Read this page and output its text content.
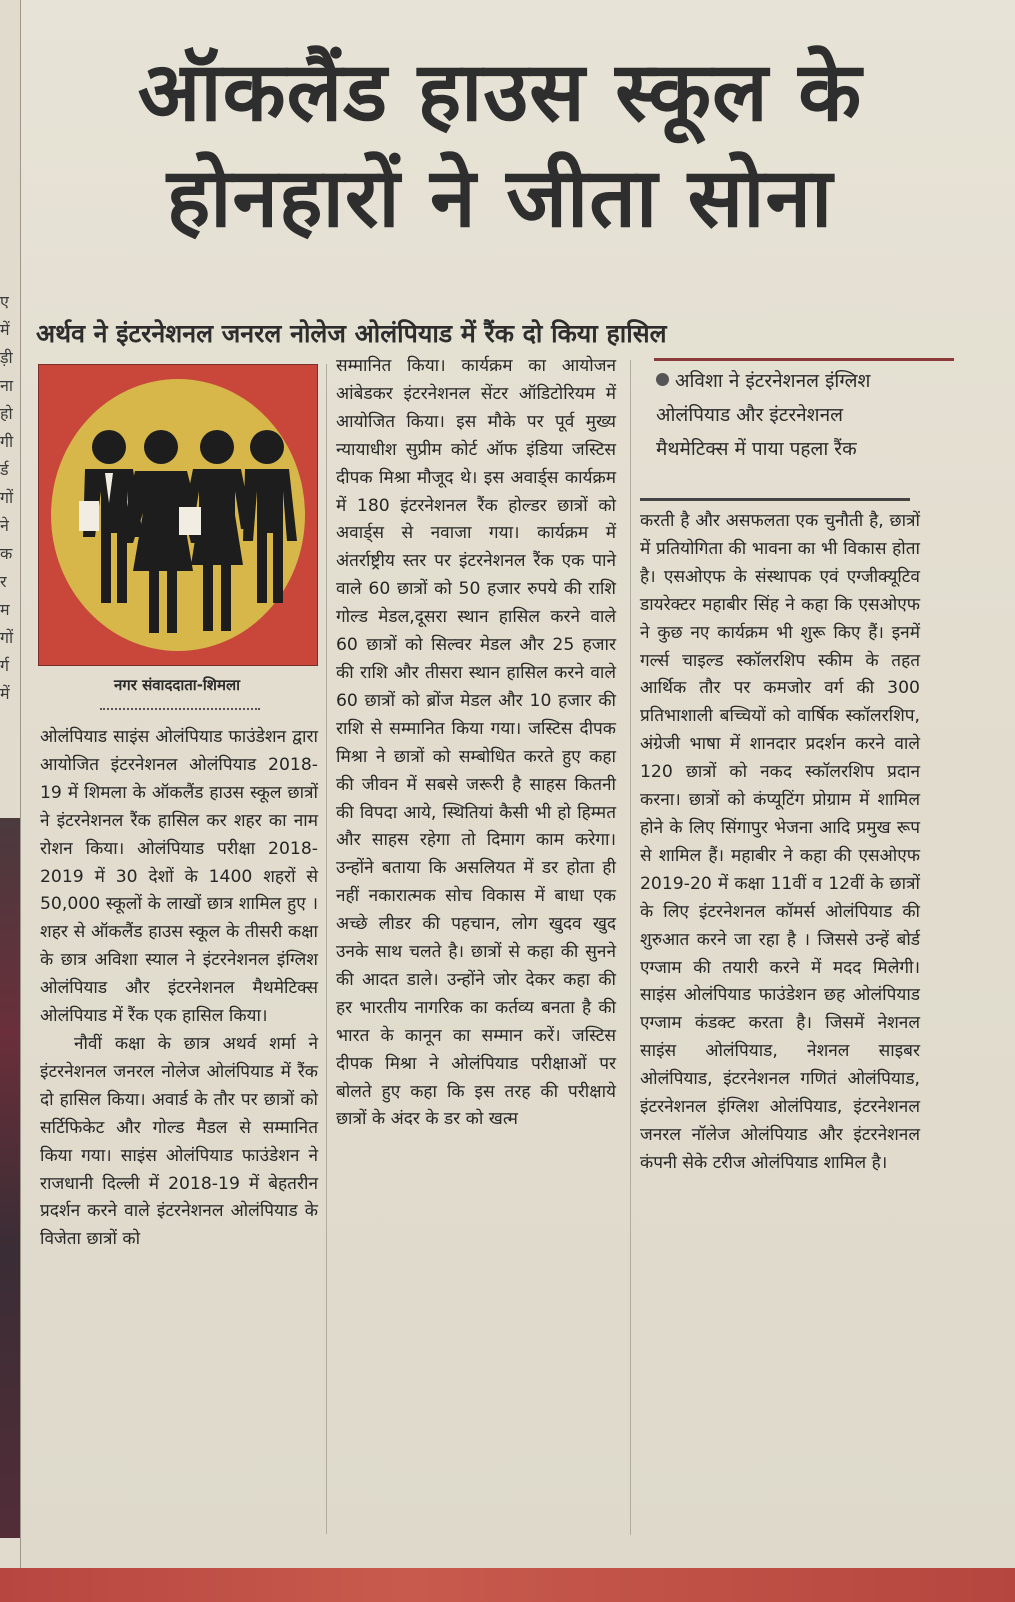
ए
में
ड़ी
ना
हो
गी
र्ड
गों
ने
क
र
म
गों
र्ग
में
ऑकलैंड हाउस स्कूल के
होनहारों ने जीता सोना
अर्थव ने इंटरनेशनल जनरल नोलेज ओलंपियाड में रैंक दो किया हासिल
नगर संवाददाता-शिमला

ओलंपियाड साइंस ओलंपियाड फाउंडेशन द्वारा आयोजित इंटरनेशनल ओलंपियाड 2018-19 में शिमला के ऑकलैंड हाउस स्कूल छात्रों ने इंटरनेशनल रैंक हासिल कर शहर का नाम रोशन किया। ओलंपियाड परीक्षा 2018-2019 में 30 देशों के 1400 शहरों से 50,000 स्कूलों के लाखों छात्र शामिल हुए । शहर से ऑकलैंड हाउस स्कूल के तीसरी कक्षा के छात्र अविशा स्याल ने इंटरनेशनल इंग्लिश ओलंपियाड और इंटरनेशनल मैथमेटिक्स ओलंपियाड में रैंक एक हासिल किया।

नौवीं कक्षा के छात्र अथर्व शर्मा ने इंटरनेशनल जनरल नोलेज ओलंपियाड में रैंक दो हासिल किया। अवार्ड के तौर पर छात्रों को सर्टिफिकेट और गोल्ड मैडल से सम्मानित किया गया। साइंस ओलंपियाड फाउंडेशन ने राजधानी दिल्ली में 2018-19 में बेहतरीन प्रदर्शन करने वाले इंटरनेशनल ओलंपियाड के विजेता छात्रों को

सम्मानित किया। कार्यक्रम का आयोजन आंबेडकर इंटरनेशनल सेंटर ऑडिटोरियम में आयोजित किया। इस मौके पर पूर्व मुख्य न्यायाधीश सुप्रीम कोर्ट ऑफ इंडिया जस्टिस दीपक मिश्रा मौजूद थे। इस अवार्ड्स कार्यक्रम में 180 इंटरनेशनल रैंक होल्डर छात्रों को अवार्ड्स से नवाजा गया। कार्यक्रम में अंतर्राष्ट्रीय स्तर पर इंटरनेशनल रैंक एक पाने वाले 60 छात्रों को 50 हजार रुपये की राशि गोल्ड मेडल,दूसरा स्थान हासिल करने वाले 60 छात्रों को सिल्वर मेडल और 25 हजार की राशि और तीसरा स्थान हासिल करने वाले 60 छात्रों को ब्रोंज मेडल और 10 हजार की राशि से सम्मानित किया गया। जस्टिस दीपक मिश्रा ने छात्रों को सम्बोधित करते हुए कहा की जीवन में सबसे जरूरी है साहस कितनी की विपदा आये, स्थितियां कैसी भी हो हिम्मत और साहस रहेगा तो दिमाग काम करेगा। उन्होंने बताया कि असलियत में डर होता ही नहीं नकारात्मक सोच विकास में बाधा एक अच्छे लीडर की पहचान, लोग खुदव खुद उनके साथ चलते है। छात्रों से कहा की सुनने की आदत डाले। उन्होंने जोर देकर कहा की हर भारतीय नागरिक का कर्तव्य बनता है की भारत के कानून का सम्मान करें। जस्टिस दीपक मिश्रा ने ओलंपियाड परीक्षाओं पर बोलते हुए कहा कि इस तरह की परीक्षाये छात्रों के अंदर के डर को खत्म

अविशा ने इंटरनेशनल इंग्लिश ओलंपियाड और इंटरनेशनल मैथमेटिक्स में पाया पहला रैंक

करती है और असफलता एक चुनौती है, छात्रों में प्रतियोगिता की भावना का भी विकास होता है। एसओएफ के संस्थापक एवं एग्जीक्यूटिव डायरेक्टर महाबीर सिंह ने कहा कि एसओएफ ने कुछ नए कार्यक्रम भी शुरू किए हैं। इनमें गर्ल्स चाइल्ड स्कॉलरशिप स्कीम के तहत आर्थिक तौर पर कमजोर वर्ग की 300 प्रतिभाशाली बच्चियों को वार्षिक स्कॉलरशिप, अंग्रेजी भाषा में शानदार प्रदर्शन करने वाले 120 छात्रों को नकद स्कॉलरशिप प्रदान करना। छात्रों को कंप्यूटिंग प्रोग्राम में शामिल होने के लिए सिंगापुर भेजना आदि प्रमुख रूप से शामिल हैं। महाबीर ने कहा की एसओएफ 2019-20 में कक्षा 11वीं व 12वीं के छात्रों के लिए इंटरनेशनल कॉमर्स ओलंपियाड की शुरुआत करने जा रहा है । जिससे उन्हें बोर्ड एग्जाम की तयारी करने में मदद मिलेगी। साइंस ओलंपियाड फाउंडेशन छह ओलंपियाड एग्जाम कंडक्ट करता है। जिसमें नेशनल साइंस ओलंपियाड, नेशनल साइबर ओलंपियाड, इंटरनेशनल गणितं ओलंपियाड, इंटरनेशनल इंग्लिश ओलंपियाड, इंटरनेशनल जनरल नॉलेज ओलंपियाड और इंटरनेशनल कंपनी सेके टरीज ओलंपियाड शामिल है।
